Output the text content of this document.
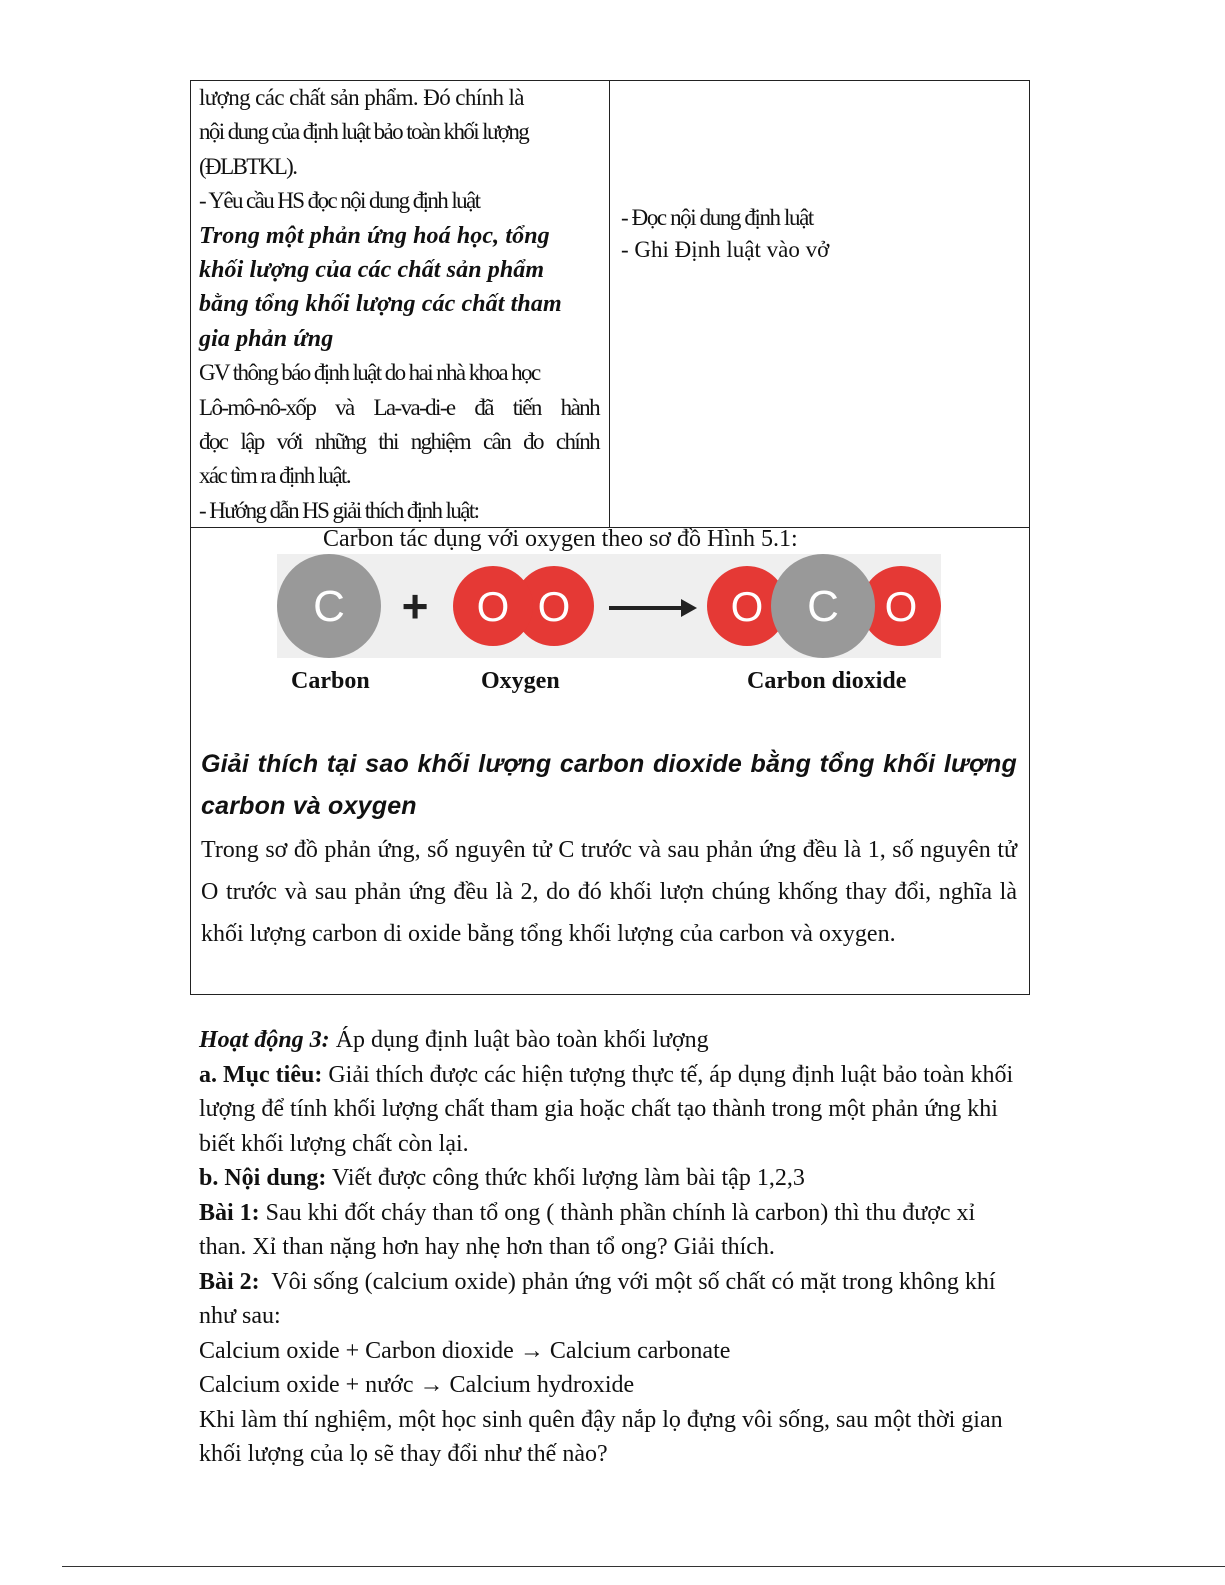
lượng các chất sản phẩm. Đó chính là
nội dung của định luật bảo toàn khối lượng
(ĐLBTKL).
- Yêu cầu HS đọc nội dung định luật
Trong một phản ứng hoá học, tổng
khối lượng của các chất sản phẩm
bằng tổng khối lượng các chất tham
gia phản ứng
GV thông báo định luật do hai nhà khoa học
Lô-mô-nô-xốp và La-va-di-e đã tiến hành
đọc lập với những thi nghiệm cân đo chính
xác tìm ra định luật.
- Hướng dẫn HS giải thích định luật:
- Đọc nội dung định luật
- Ghi Định luật vào vở
Carbon tác dụng với oxygen theo sơ đồ Hình 5.1:
C + O O	O C O
Carbon	Oxygen	Carbon dioxide
Giải thích tại sao khối lượng carbon dioxide bằng tổng khối lượng carbon và oxygen
Trong sơ đồ phản ứng, số nguyên tử C trước và sau phản ứng đều là 1, số nguyên tử O trước và sau phản ứng đều là 2, do đó khối lượn chúng khống thay đổi, nghĩa là khối lượng carbon di oxide bằng tổng khối lượng của carbon và oxygen.

Hoạt động 3: Áp dụng định luật bào toàn khối lượng

a. Mục tiêu: Giải thích được các hiện tượng thực tế, áp dụng định luật bảo toàn khối

lượng để tính khối lượng chất tham gia hoặc chất tạo thành trong một phản ứng khi

biết khối lượng chất còn lại.

b. Nội dung: Viết được công thức khối lượng làm bài tập 1,2,3

Bài 1: Sau khi đốt cháy than tổ ong ( thành phần chính là carbon) thì thu được xỉ

than. Xỉ than nặng hơn hay nhẹ hơn than tổ ong? Giải thích.

Bài 2:  Vôi sống (calcium oxide) phản ứng với một số chất có mặt trong không khí

như sau:

Calcium oxide + Carbon dioxide → Calcium carbonate

Calcium oxide + nước → Calcium hydroxide

Khi làm thí nghiệm, một học sinh quên đậy nắp lọ đựng vôi sống, sau một thời gian

khối lượng của lọ sẽ thay đổi như thế nào?
